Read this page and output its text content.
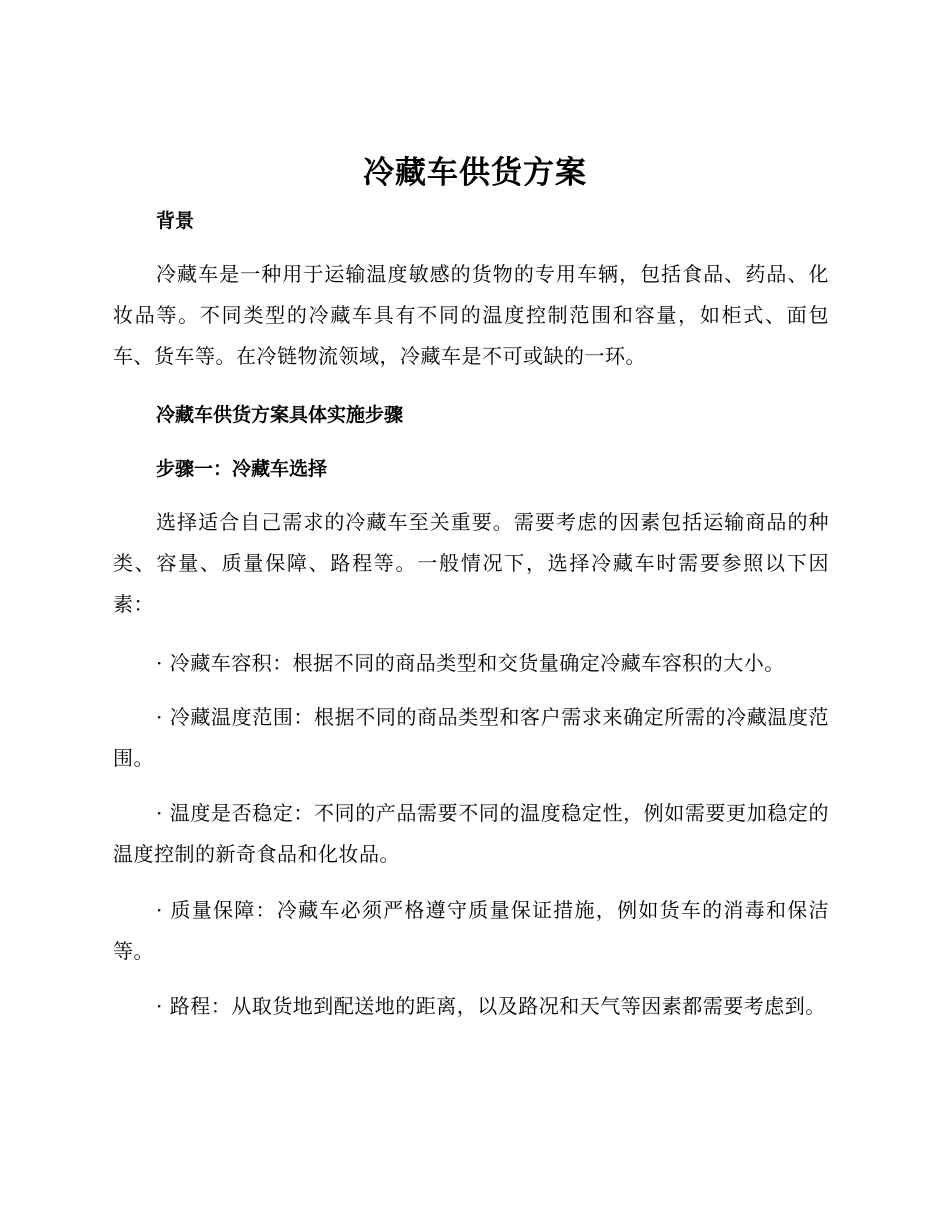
冷藏车供货方案
背景

冷藏车是一种用于运输温度敏感的货物的专用车辆，包括食品、药品、化妆品等。不同类型的冷藏车具有不同的温度控制范围和容量，如柜式、面包车、货车等。在冷链物流领域，冷藏车是不可或缺的一环。

冷藏车供货方案具体实施步骤
步骤一：冷藏车选择

选择适合自己需求的冷藏车至关重要。需要考虑的因素包括运输商品的种类、容量、质量保障、路程等。一般情况下，选择冷藏车时需要参照以下因素：

· 冷藏车容积：根据不同的商品类型和交货量确定冷藏车容积的大小。

· 冷藏温度范围：根据不同的商品类型和客户需求来确定所需的冷藏温度范围。

· 温度是否稳定：不同的产品需要不同的温度稳定性，例如需要更加稳定的温度控制的新奇食品和化妆品。

· 质量保障：冷藏车必须严格遵守质量保证措施，例如货车的消毒和保洁等。

· 路程：从取货地到配送地的距离，以及路况和天气等因素都需要考虑到。
